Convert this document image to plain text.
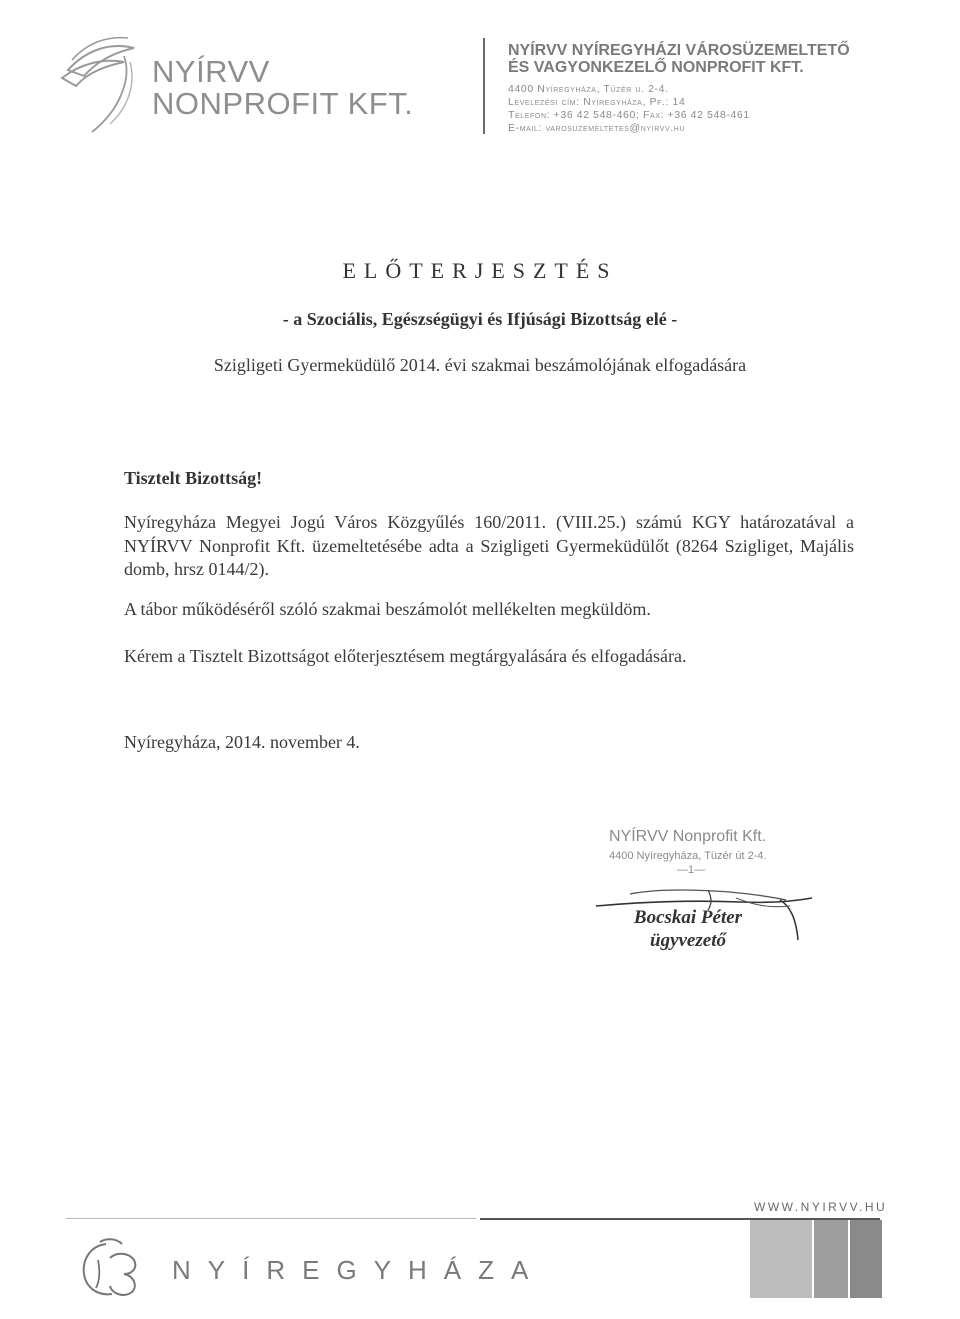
NYÍRVV
NONPROFIT KFT.
NYÍRVV NYÍREGYHÁZI VÁROSÜZEMELTETŐ
ÉS VAGYONKEZELŐ NONPROFIT KFT.
4400 Nyíregyháza, Tüzér u. 2-4.
Levelezési cím: Nyíregyháza, Pf.: 14
Telefon: +36 42 548-460; Fax: +36 42 548-461
E-mail: varosuzemeltetes@nyirvv.hu
ELŐTERJESZTÉS
- a Szociális, Egészségügyi és Ifjúsági Bizottság elé -
Szigligeti Gyermeküdülő 2014. évi szakmai beszámolójának elfogadására
Tisztelt Bizottság!
Nyíregyháza Megyei Jogú Város Közgyűlés 160/2011. (VIII.25.) számú KGY határozatával a NYÍRVV Nonprofit Kft. üzemeltetésébe adta a Szigligeti Gyermeküdülőt (8264 Szigliget, Majális domb, hrsz 0144/2).
A tábor működéséről szóló szakmai beszámolót mellékelten megküldöm.
Kérem a Tisztelt Bizottságot előterjesztésem megtárgyalására és elfogadására.
Nyíregyháza, 2014. november 4.
NYÍRVV Nonprofit Kft.
4400 Nyíregyháza, Tüzér út 2-4.
—1—
Bocskai Péter
ügyvezető
WWW.NYIRVV.HU
NYÍREGYHÁZA
